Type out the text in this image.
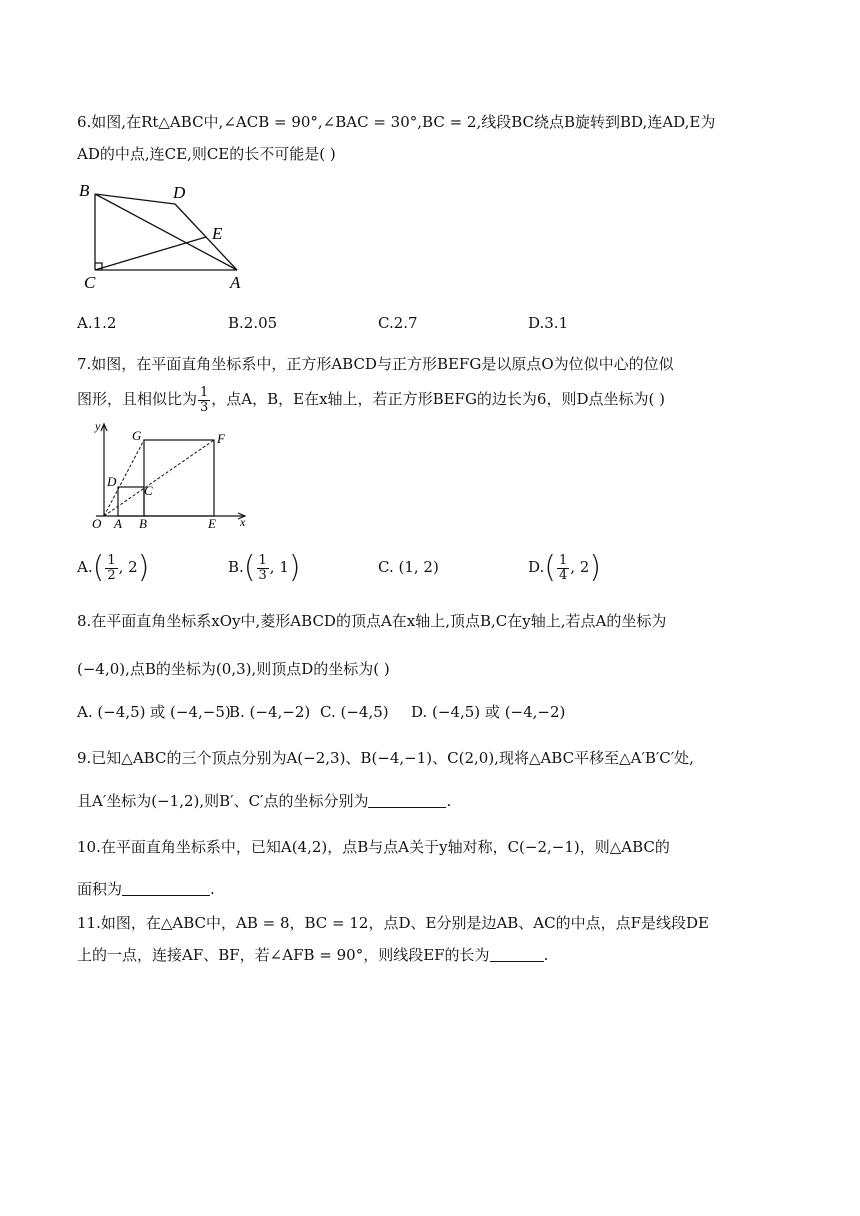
6.如图,在Rt△ABC中,∠ACB = 90°,∠BAC = 30°,BC = 2,线段BC绕点B旋转到BD,连AD,E为
AD的中点,连CE,则CE的长不可能是( )
B	D
E
C	A
A.1.2	B.2.05	C.2.7	D.3.1
7.如图，在平面直角坐标系中，正方形ABCD与正方形BEFG是以原点O为位似中心的位似
图形，且相似比为 $\frac{1}{3}$ ，点A，B，E在x轴上，若正方形BEFG的边长为6，则D点坐标为( )
y
G	F
D
C
O A B	E x
$A.( \frac{1}{2}$ , 2)	$B.( \frac{1}{3}$ , 1)	C. (1, 2)	$D.( \frac{1}{4}$ , 2)
8.在平面直角坐标系xOy中,菱形ABCD的顶点A在x轴上,顶点B,C在y轴上,若点A的坐标为
(−4,0),点B的坐标为(0,3),则顶点D的坐标为( )
A. (−4,5) 或 (−4,−5)
B. (−4,−2) C. (−4,5) D. (−4,5) 或 (−4,−2)
9.已知△ABC的三个顶点分别为A(−2,3)、B(−4,−1)、C(2,0),现将△ABC平移至△A′B′C′处,
且A′坐标为(−1,2),则B′、C′点的坐标分别为	.
10.在平面直角坐标系中，已知A(4,2)，点B与点A关于y轴对称，C(−2,−1)，则△ABC的
面积为	.
11.如图，在△ABC中，AB = 8，BC = 12，点D、E分别是边AB、AC的中点，点F是线段DE
上的一点，连接AF、BF，若∠AFB = 90°，则线段EF的长为	.
